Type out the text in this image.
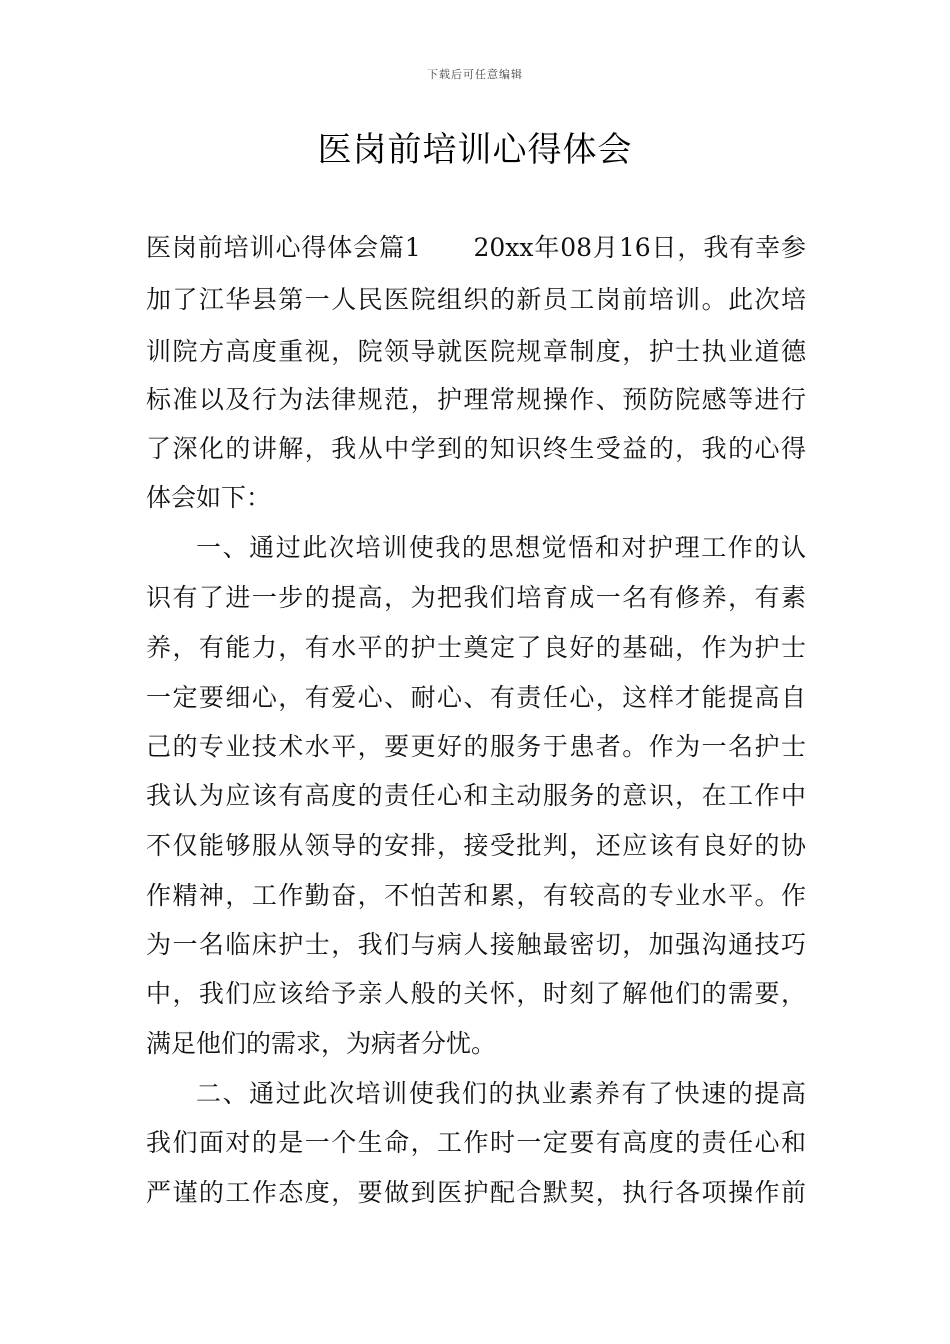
下载后可任意编辑
医岗前培训心得体会
医岗前培训心得体会篇1　　20xx年08月16日，我有幸参
加了江华县第一人民医院组织的新员工岗前培训。此次培
训院方高度重视，院领导就医院规章制度，护士执业道德
标准以及行为法律规范，护理常规操作、预防院感等进行
了深化的讲解，我从中学到的知识终生受益的，我的心得
体会如下：
一、通过此次培训使我的思想觉悟和对护理工作的认
识有了进一步的提高，为把我们培育成一名有修养，有素
养，有能力，有水平的护士奠定了良好的基础，作为护士
一定要细心，有爱心、耐心、有责任心，这样才能提高自
己的专业技术水平，要更好的服务于患者。作为一名护士
我认为应该有高度的责任心和主动服务的意识，在工作中
不仅能够服从领导的安排，接受批判，还应该有良好的协
作精神，工作勤奋，不怕苦和累，有较高的专业水平。作
为一名临床护士，我们与病人接触最密切，加强沟通技巧
中，我们应该给予亲人般的关怀，时刻了解他们的需要，
满足他们的需求，为病者分忧。
二、通过此次培训使我们的执业素养有了快速的提高
我们面对的是一个生命，工作时一定要有高度的责任心和
严谨的工作态度，要做到医护配合默契，执行各项操作前
